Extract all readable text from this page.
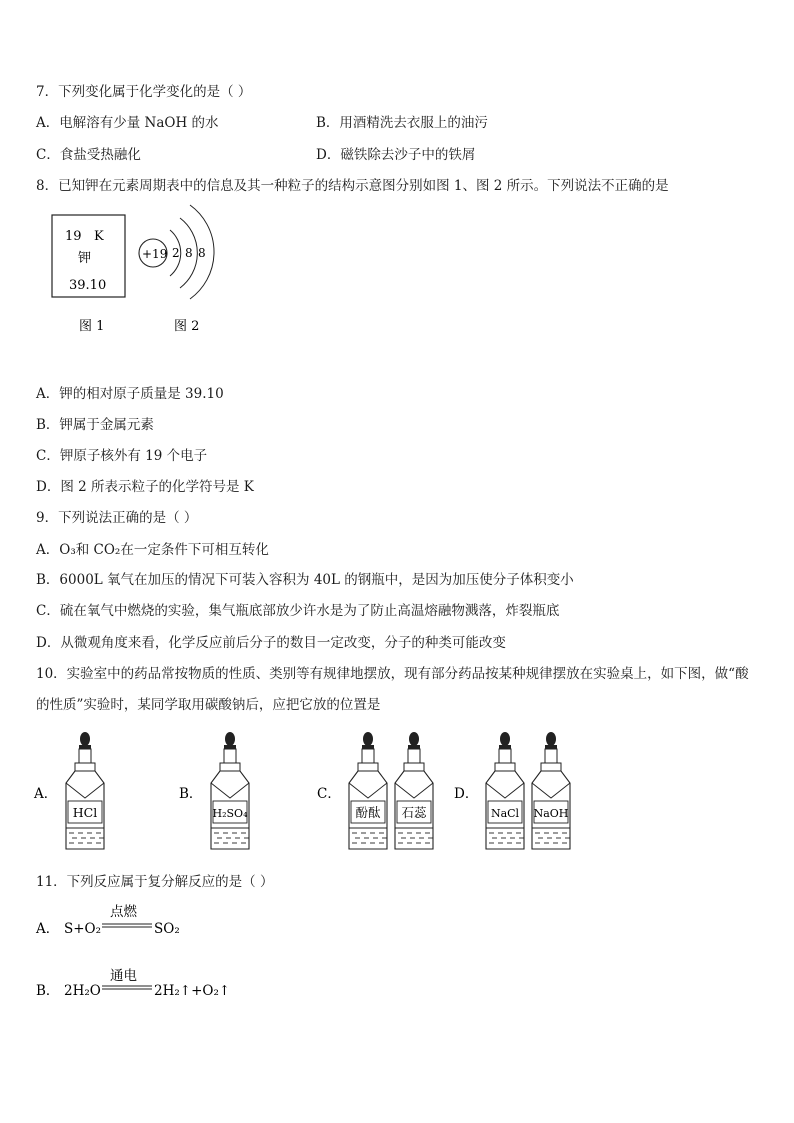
7．下列变化属于化学变化的是（ ）
A．电解溶有少量 NaOH 的水	B．用酒精洗去衣服上的油污
C．食盐受热融化	D．磁铁除去沙子中的铁屑
8．已知钾在元素周期表中的信息及其一种粒子的结构示意图分别如图 1、图 2 所示。下列说法不正确的是
19 K
钾
39.10
+19 2 8 8
图 1	图 2
A．钾的相对原子质量是 39.10
B．钾属于金属元素
C．钾原子核外有 19 个电子
D．图 2 所表示粒子的化学符号是 K
9．下列说法正确的是（ ）
A．O₃和 CO₂在一定条件下可相互转化
B．6000L 氧气在加压的情况下可装入容积为 40L 的钢瓶中，是因为加压使分子体积变小
C．硫在氧气中燃烧的实验，集气瓶底部放少许水是为了防止高温熔融物溅落，炸裂瓶底
D．从微观角度来看，化学反应前后分子的数目一定改变，分子的种类可能改变
10．实验室中的药品常按物质的性质、类别等有规律地摆放，现有部分药品按某种规律摆放在实验桌上，如下图，做“酸
的性质”实验时，某同学取用碳酸钠后，应把它放的位置是
A．
HCl
B．
H₂SO₄
C．
酚酞 石蕊
D．
NaCl NaOH
11．下列反应属于复分解反应的是（ ）
A． S+O₂
点燃
SO₂
B． 2H₂O
通电
2H₂↑+O₂↑
